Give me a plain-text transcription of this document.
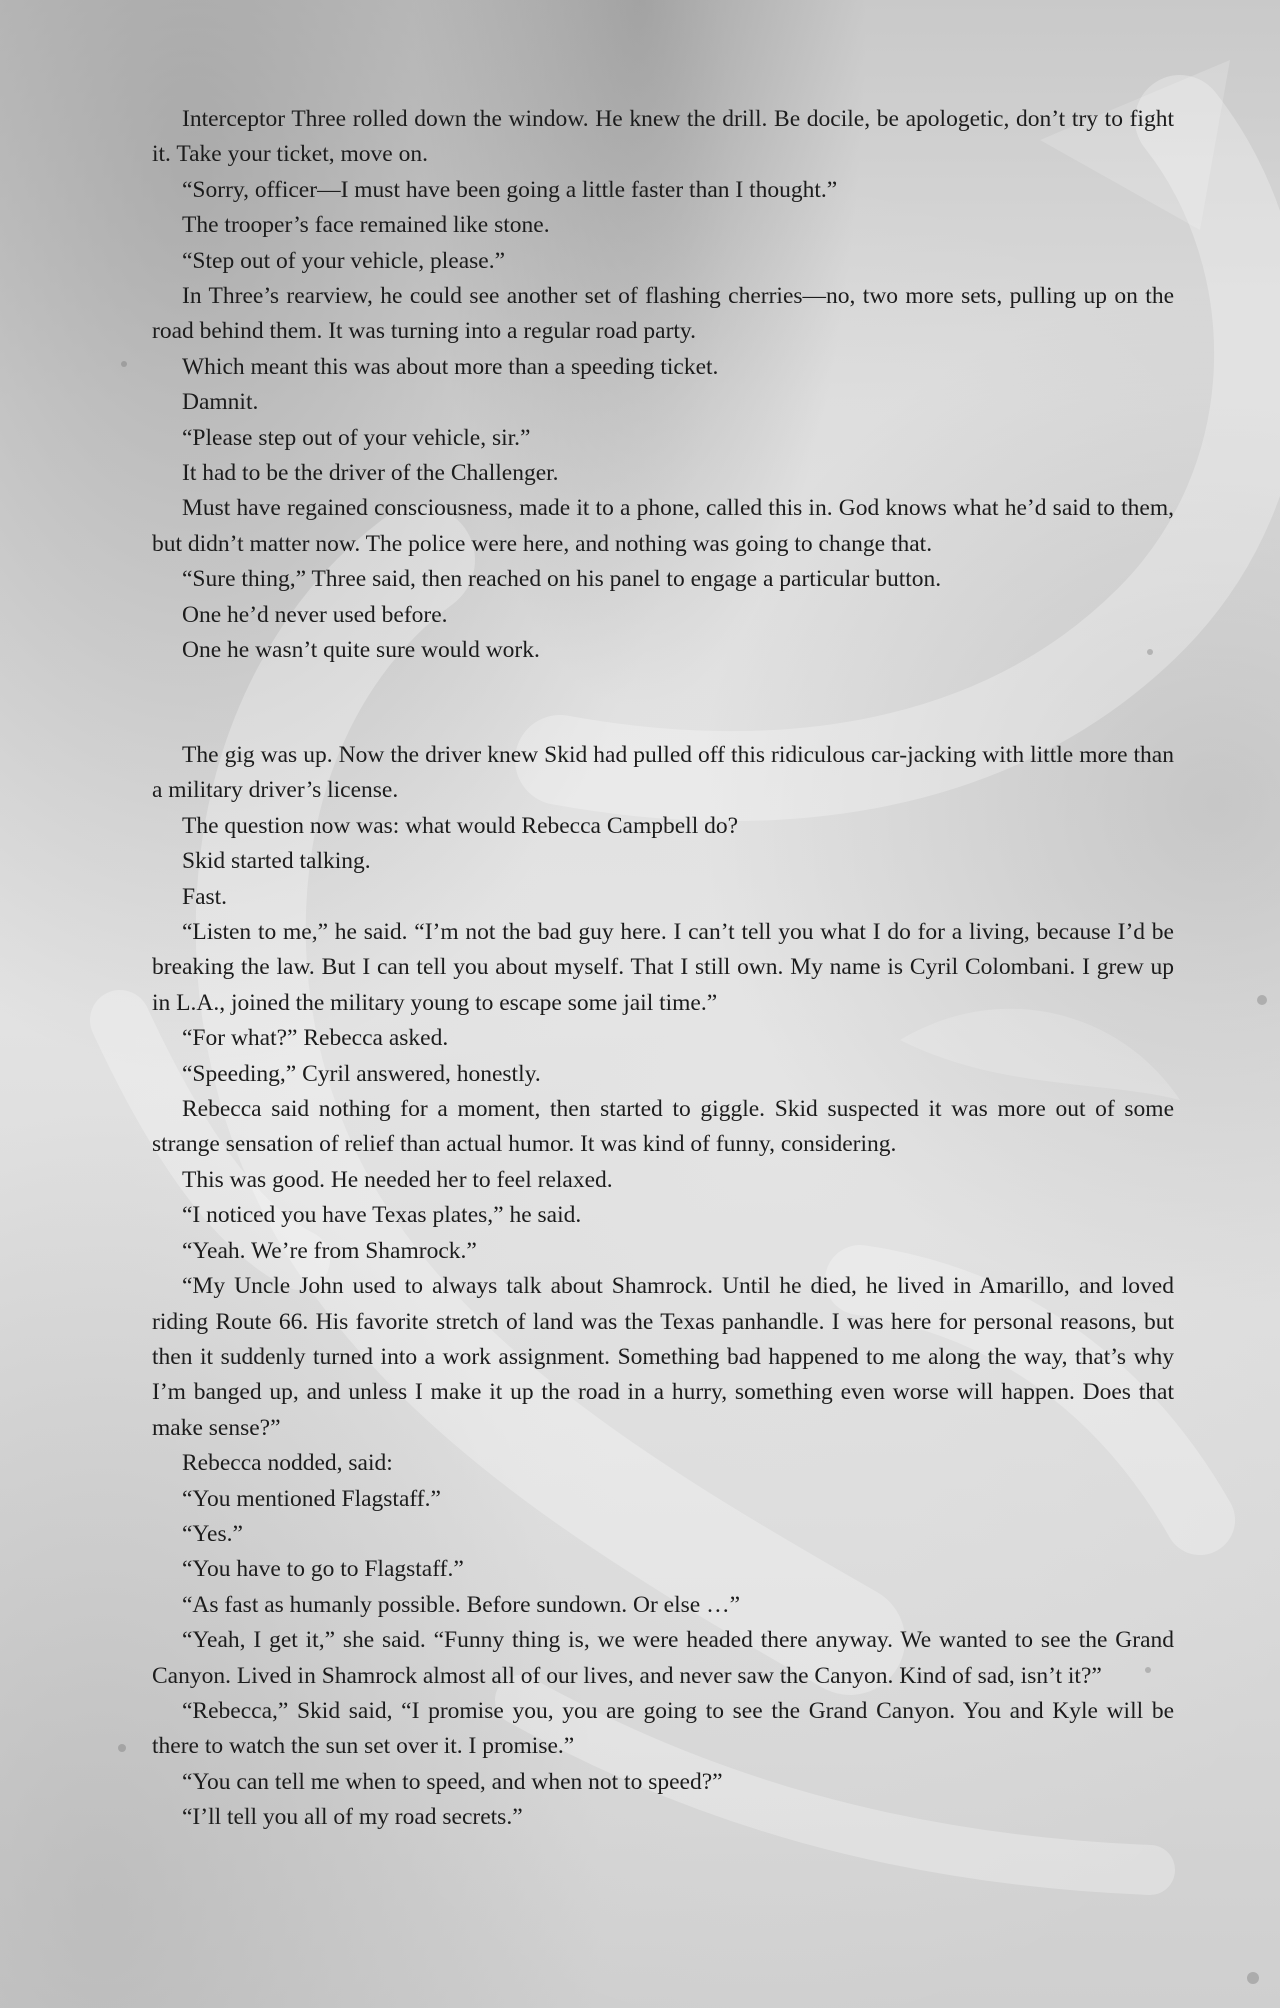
Interceptor Three rolled down the window. He knew the drill. Be docile, be apologetic, don’t try to fight it. Take your ticket, move on.

“Sorry, officer—I must have been going a little faster than I thought.”

The trooper’s face remained like stone.

“Step out of your vehicle, please.”

In Three’s rearview, he could see another set of flashing cherries—no, two more sets, pulling up on the road behind them. It was turning into a regular road party.

Which meant this was about more than a speeding ticket.

Damnit.

“Please step out of your vehicle, sir.”

It had to be the driver of the Challenger.

Must have regained consciousness, made it to a phone, called this in. God knows what he’d said to them, but didn’t matter now. The police were here, and nothing was going to change that.

“Sure thing,” Three said, then reached on his panel to engage a particular button.

One he’d never used before.

One he wasn’t quite sure would work.

The gig was up. Now the driver knew Skid had pulled off this ridiculous car-jacking with little more than a military driver’s license.

The question now was: what would Rebecca Campbell do?

Skid started talking.

Fast.

“Listen to me,” he said. “I’m not the bad guy here. I can’t tell you what I do for a living, because I’d be breaking the law. But I can tell you about myself. That I still own. My name is Cyril Colombani. I grew up in L.A., joined the military young to escape some jail time.”

“For what?” Rebecca asked.

“Speeding,” Cyril answered, honestly.

Rebecca said nothing for a moment, then started to giggle. Skid suspected it was more out of some strange sensation of relief than actual humor. It was kind of funny, considering.

This was good. He needed her to feel relaxed.

“I noticed you have Texas plates,” he said.

“Yeah. We’re from Shamrock.”

“My Uncle John used to always talk about Shamrock. Until he died, he lived in Amarillo, and loved riding Route 66. His favorite stretch of land was the Texas panhandle. I was here for personal reasons, but then it suddenly turned into a work assignment. Something bad happened to me along the way, that’s why I’m banged up, and unless I make it up the road in a hurry, something even worse will happen. Does that make sense?”

Rebecca nodded, said:

“You mentioned Flagstaff.”

“Yes.”

“You have to go to Flagstaff.”

“As fast as humanly possible. Before sundown. Or else …”

“Yeah, I get it,” she said. “Funny thing is, we were headed there anyway. We wanted to see the Grand Canyon. Lived in Shamrock almost all of our lives, and never saw the Canyon. Kind of sad, isn’t it?”

“Rebecca,” Skid said, “I promise you, you are going to see the Grand Canyon. You and Kyle will be there to watch the sun set over it. I promise.”

“You can tell me when to speed, and when not to speed?”

“I’ll tell you all of my road secrets.”
